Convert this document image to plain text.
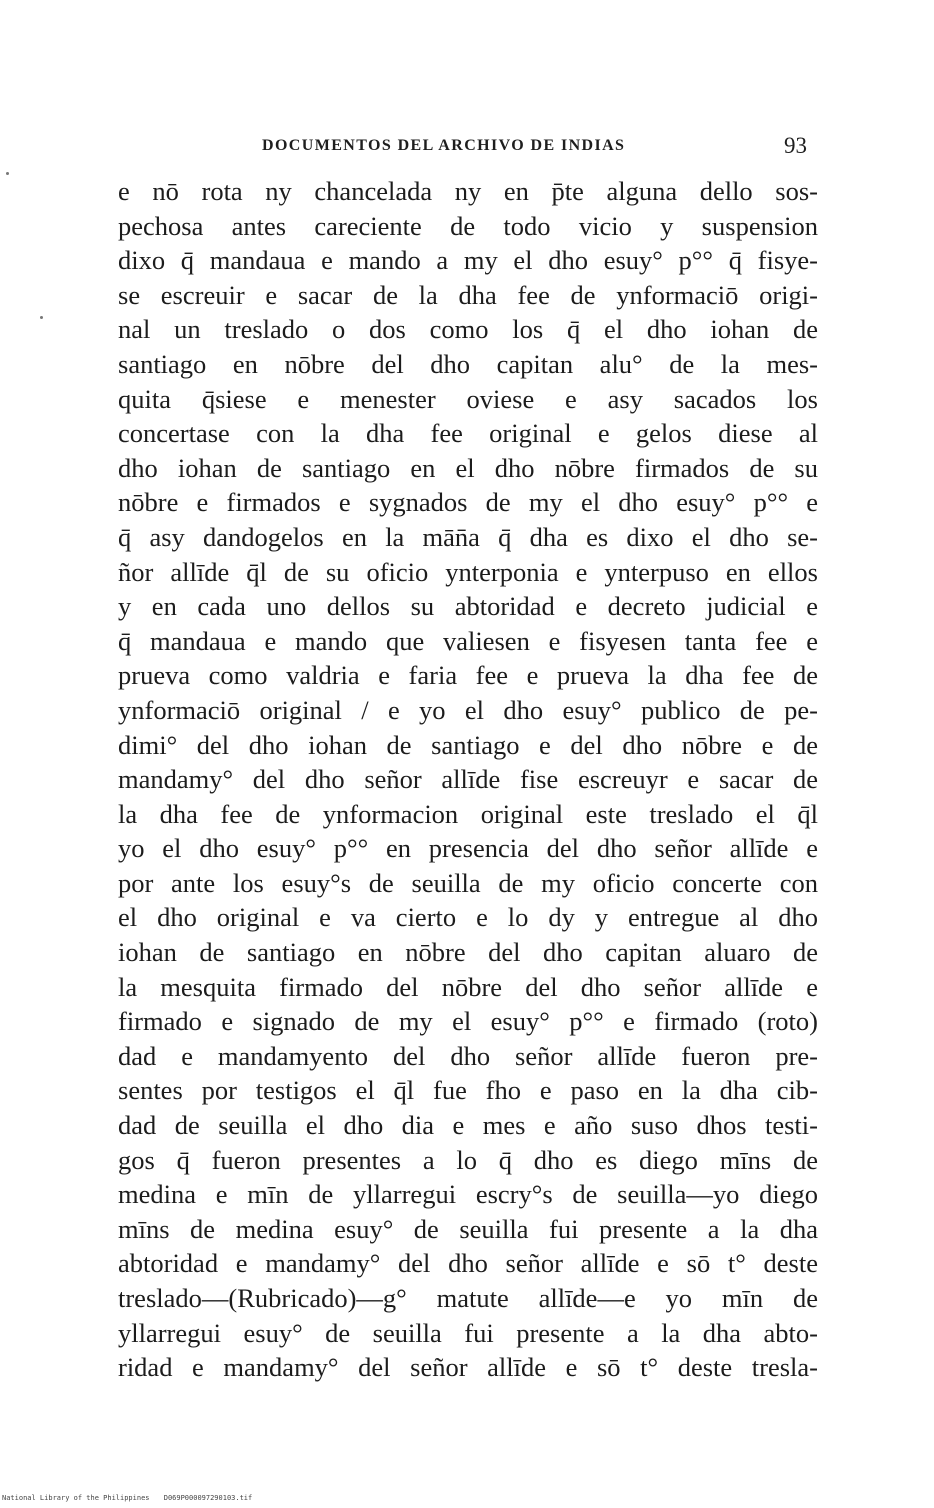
DOCUMENTOS DEL ARCHIVO DE INDIAS	93
e nō rota ny chancelada ny en p̄te alguna dello sos-
pechosa antes careciente de todo vicio y suspension
dixo q̄ mandaua e mando a my el dho esuy° p°° q̄ fisye-
se escreuir e sacar de la dha fee de ynformaciō origi-
nal un treslado o dos como los q̄ el dho iohan de
santiago en nōbre del dho capitan alu° de la mes-
quita q̄siese e menester oviese e asy sacados los
concertase con la dha fee original e gelos diese al
dho iohan de santiago en el dho nōbre firmados de su
nōbre e firmados e sygnados de my el dho esuy° p°° e
q̄ asy dandogelos en la mān̄a q̄ dha es dixo el dho se-
ñor allīde q̄l de su oficio ynterponia e ynterpuso en ellos
y en cada uno dellos su abtoridad e decreto judicial e
q̄ mandaua e mando que valiesen e fisyesen tanta fee e
prueva como valdria e faria fee e prueva la dha fee de
ynformaciō original / e yo el dho esuy° publico de pe-
dimi° del dho iohan de santiago e del dho nōbre e de
mandamy° del dho señor allīde fise escreuyr e sacar de
la dha fee de ynformacion original este treslado el q̄l
yo el dho esuy° p°° en presencia del dho señor allīde e
por ante los esuy°s de seuilla de my oficio concerte con
el dho original e va cierto e lo dy y entregue al dho
iohan de santiago en nōbre del dho capitan aluaro de
la mesquita firmado del nōbre del dho señor allīde e
firmado e signado de my el esuy° p°° e firmado (roto)
dad e mandamyento del dho señor allīde fueron pre-
sentes por testigos el q̄l fue fho e paso en la dha cib-
dad de seuilla el dho dia e mes e año suso dhos testi-
gos q̄ fueron presentes a lo q̄ dho es diego mīns de
medina e mīn de yllarregui escry°s de seuilla—yo diego
mīns de medina esuy° de seuilla fui presente a la dha
abtoridad e mandamy° del dho señor allīde e sō t° deste
treslado—(Rubricado)—g° matute allīde—e yo mīn de
yllarregui esuy° de seuilla fui presente a la dha abto-
ridad e mandamy° del señor allīde e sō t° deste tresla-
National Library of the Philippines D069P000097290103.tif
